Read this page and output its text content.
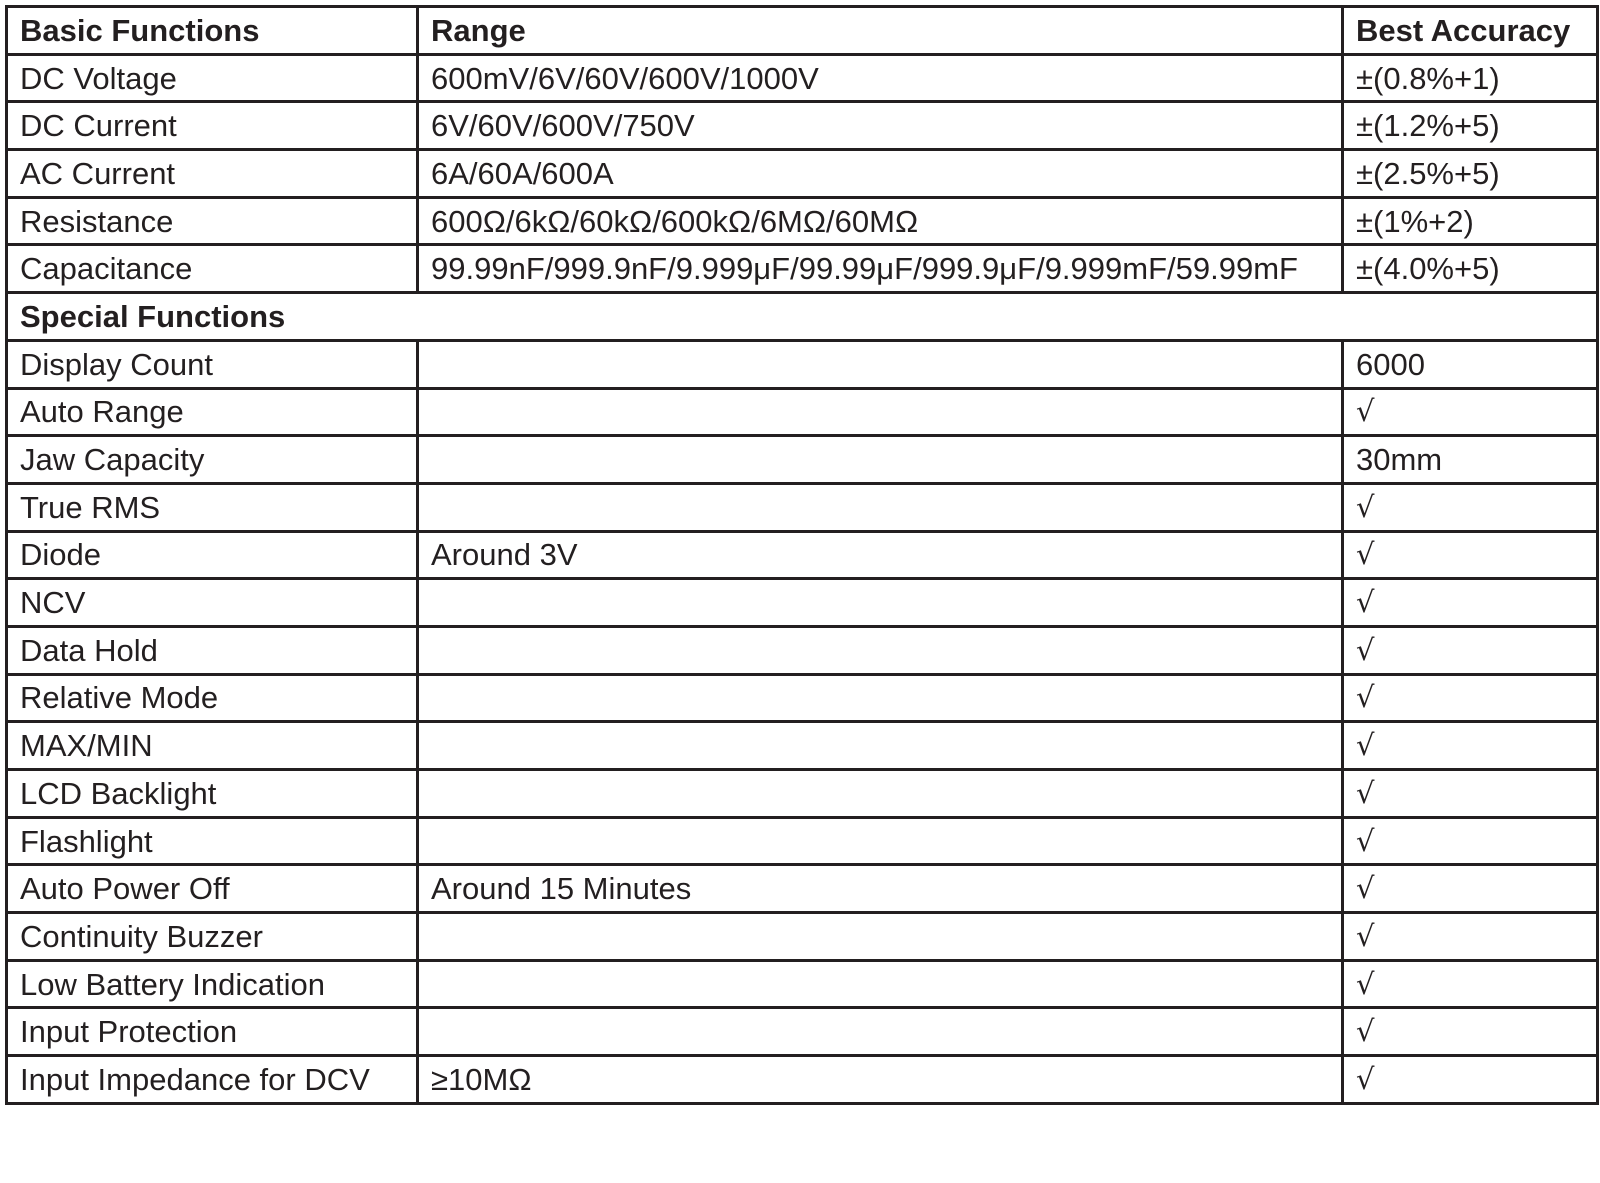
Basic Functions	Range	Best Accuracy
DC Voltage	600mV/6V/60V/600V/1000V	±(0.8%+1)
DC Current	6V/60V/600V/750V	±(1.2%+5)
AC Current	6A/60A/600A	±(2.5%+5)
Resistance	600Ω/6kΩ/60kΩ/600kΩ/6MΩ/60MΩ	±(1%+2)
Capacitance	99.99nF/999.9nF/9.999μF/99.99μF/999.9μF/9.999mF/59.99mF	±(4.0%+5)
Special Functions		
Display Count		6000
Auto Range		√
Jaw Capacity		30mm
True RMS		√
Diode	Around 3V	√
NCV		√
Data Hold		√
Relative Mode		√
MAX/MIN		√
LCD Backlight		√
Flashlight		√
Auto Power Off	Around 15 Minutes	√
Continuity Buzzer		√
Low Battery Indication		√
Input Protection		√
Input Impedance for DCV	≥10MΩ	√
